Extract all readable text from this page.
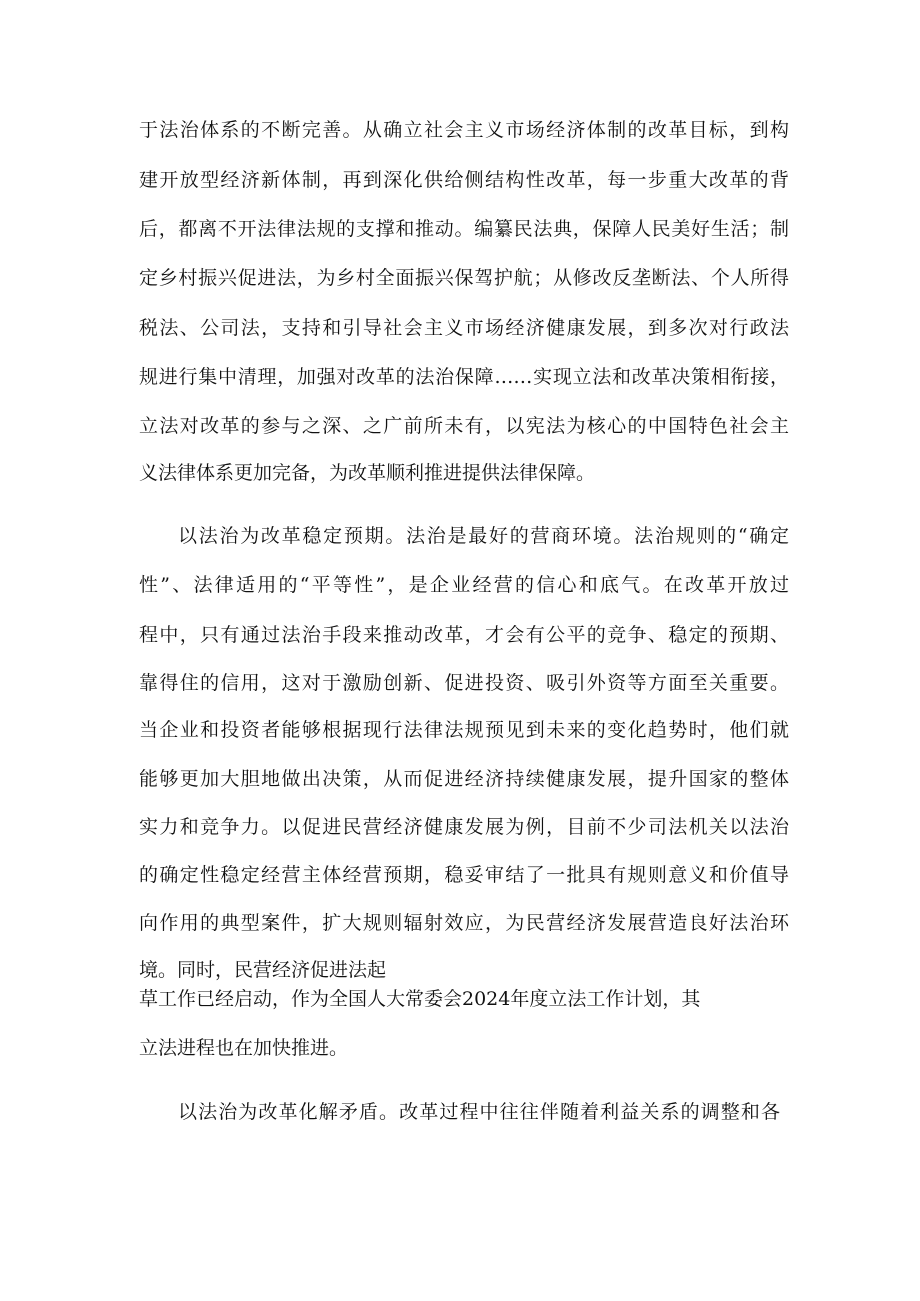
于法治体系的不断完善。从确立社会主义市场经济体制的改革目标，到构
建开放型经济新体制，再到深化供给侧结构性改革，每一步重大改革的背
后，都离不开法律法规的支撑和推动。编纂民法典，保障人民美好生活；制
定乡村振兴促进法，为乡村全面振兴保驾护航；从修改反垄断法、个人所得
税法、公司法，支持和引导社会主义市场经济健康发展，到多次对行政法
规进行集中清理，加强对改革的法治保障……实现立法和改革决策相衔接，
立法对改革的参与之深、之广前所未有，以宪法为核心的中国特色社会主
义法律体系更加完备，为改革顺利推进提供法律保障。
以法治为改革稳定预期。法治是最好的营商环境。法治规则的“确定
性”、法律适用的“平等性”，是企业经营的信心和底气。在改革开放过
程中，只有通过法治手段来推动改革，才会有公平的竞争、稳定的预期、
靠得住的信用，这对于激励创新、促进投资、吸引外资等方面至关重要。
当企业和投资者能够根据现行法律法规预见到未来的变化趋势时，他们就
能够更加大胆地做出决策，从而促进经济持续健康发展，提升国家的整体
实力和竞争力。以促进民营经济健康发展为例，目前不少司法机关以法治
的确定性稳定经营主体经营预期，稳妥审结了一批具有规则意义和价值导
向作用的典型案件，扩大规则辐射效应，为民营经济发展营造良好法治环
境。同时，民营经济促进法起
草工作已经启动，作为全国人大常委会2024年度立法工作计划，其
立法进程也在加快推进。
以法治为改革化解矛盾。改革过程中往往伴随着利益关系的调整和各
